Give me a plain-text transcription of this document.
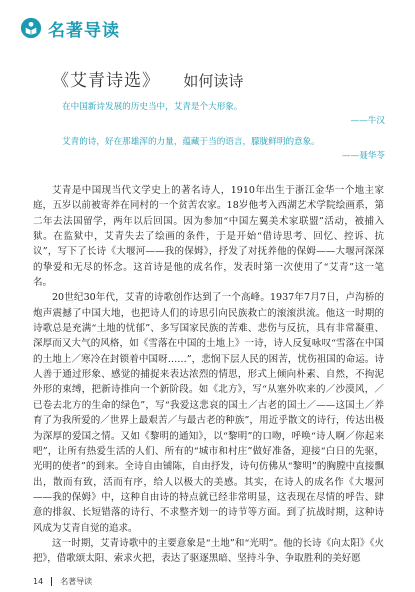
名著导读
《艾青诗选》 如何读诗

在中国新诗发展的历史当中，艾青是个大形象。

——牛汉

艾青的诗，好在那雄浑的力量，蕴藏于当的语言，朦胧鲜明的意象。

——聂华苓

艾青是中国现当代文学史上的著名诗人，1910年出生于浙江金华一个地主家庭，五岁以前被寄养在同村的一个贫苦农家。18岁他考入西湖艺术学院绘画系，第二年去法国留学，两年以后回国。因为参加“中国左翼美术家联盟”活动，被捕入狱。在监狱中，艾青失去了绘画的条件，于是开始“借诗思考、回忆、控诉、抗议”，写下了长诗《大堰河——我的保姆》，抒发了对抚养他的保姆——大堰河深深的挚爱和无尽的怀念。这首诗是他的成名作，发表时第一次使用了“艾青”这一笔名。

20世纪30年代，艾青的诗歌创作达到了一个高峰。1937年7月7日，卢沟桥的炮声震撼了中国大地，也把诗人们的诗思引向民族救亡的滚滚洪流。他这一时期的诗歌总是充满“土地的忧郁”、多写国家民族的苦难、悲伤与反抗，具有非常凝重、深厚而又大气的风格，如《雪落在中国的土地上》一诗，诗人反复咏叹“雪落在中国的土地上／寒冷在封锁着中国呀……”，悲悯下层人民的困苦，忧伤祖国的命运。诗人善于通过形象、感觉的捕捉来表达浓烈的情思，形式上倾向朴素、自然，不拘泥外形的束缚，把新诗推向一个新阶段。如《北方》，写“从塞外吹来的／沙漠风，／已卷去北方的生命的绿色”，写“我爱这悲哀的国土／古老的国土／——这国土／养育了为我所爱的／世界上最艰苦／与最古老的种族”，用近乎散文的诗行，传达出极为深厚的爱国之情。又如《黎明的通知》，以“黎明”的口吻，呼唤“诗人啊／你起来吧”，让所有热爱生活的人们、所有的“城市和村庄”做好准备，迎接“白日的先驱，光明的使者”的到来。全诗自由铺陈，自由抒发，诗句仿佛从“黎明”的胸膛中直接飘出，散而有致，活而有序，给人以极大的美感。其实，在诗人的成名作《大堰河——我的保姆》中，这种自由诗的特点就已经非常明显，这表现在尽情的呼告、肆意的排叙、长短错落的诗行、不求整齐划一的诗节等方面。到了抗战时期，这种诗风成为艾青自觉的追求。

这一时期，艾青诗歌中的主要意象是“土地”和“光明”。他的长诗《向太阳》《火把》，借歌颂太阳、索求火把，表达了驱逐黑暗、坚持斗争、争取胜利的美好愿

14 名著导读
